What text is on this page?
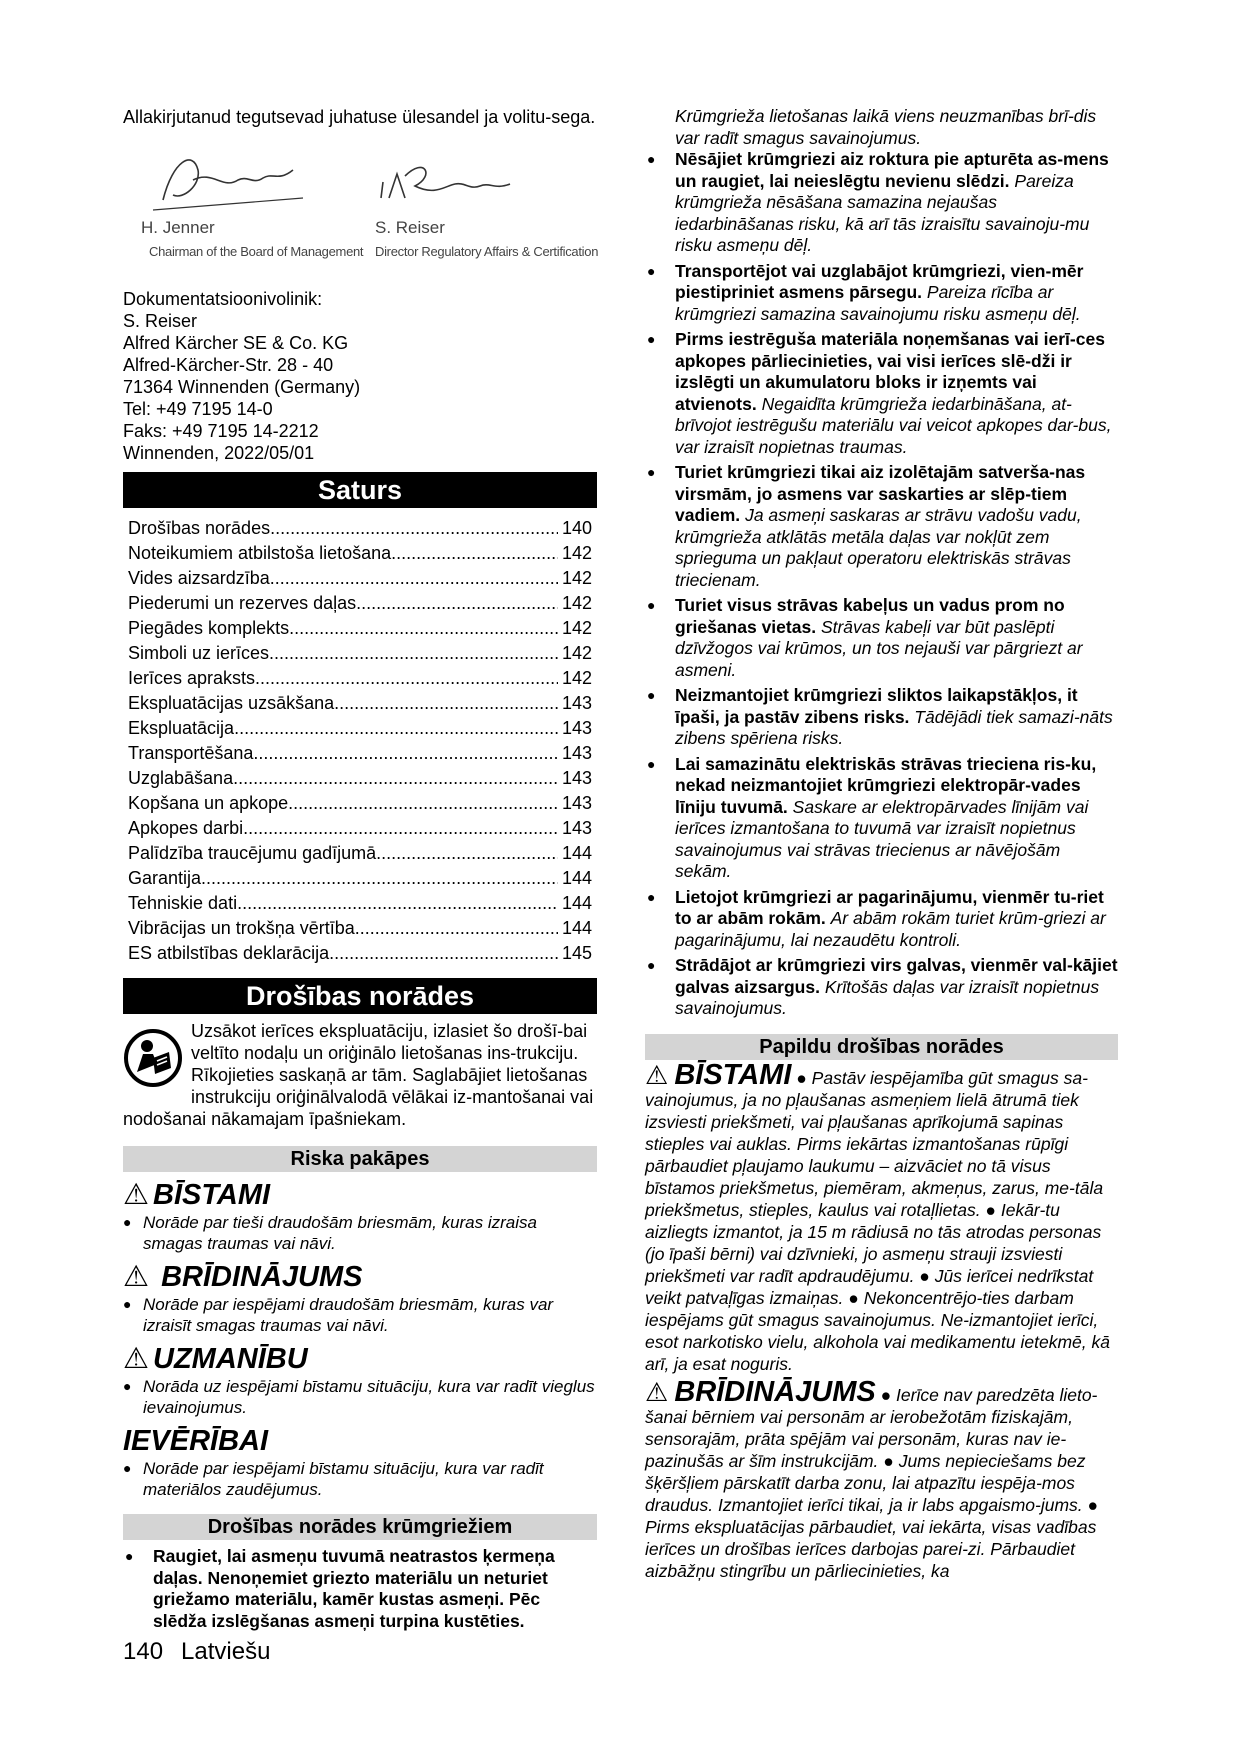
Allakirjutanud tegutsevad juhatuse ülesandel ja volitu-sega.

H. Jenner
Chairman of the Board of Management
S. Reiser
Director Regulatory Affairs & Certification
Dokumentatsioonivolinik:
S. Reiser
Alfred Kärcher SE & Co. KG
Alfred-Kärcher-Str. 28 - 40
71364 Winnenden (Germany)
Tel: +49 7195 14-0
Faks: +49 7195 14-2212
Winnenden, 2022/05/01
Saturs
Drošības norādes .....	140
Noteikumiem atbilstoša lietošana .....	142
Vides aizsardzība .....	142
Piederumi un rezerves daļas .....	142
Piegādes komplekts .....	142
Simboli uz ierīces .....	142
Ierīces apraksts .....	142
Ekspluatācijas uzsākšana .....	143
Ekspluatācija .....	143
Transportēšana .....	143
Uzglabāšana .....	143
Kopšana un apkope .....	143
Apkopes darbi .....	143
Palīdzība traucējumu gadījumā .....	144
Garantija .....	144
Tehniskie dati .....	144
Vibrācijas un trokšņa vērtība .....	144
ES atbilstības deklarācija .....	145
Drošības norādes
Uzsākot ierīces ekspluatāciju, izlasiet šo drošī-bai veltīto nodaļu un oriģinālo lietošanas ins-trukciju. Rīkojieties saskaņā ar tām. Saglabājiet lietošanas instrukciju oriģinālvalodā vēlākai iz-mantošanai vai nodošanai nākamajam īpašniekam.
Riska pakāpes
⚠ BĪSTAMI
● Norāde par tieši draudošām briesmām, kuras izraisa smagas traumas vai nāvi.
⚠ BRĪDINĀJUMS
● Norāde par iespējami draudošām briesmām, kuras var izraisīt smagas traumas vai nāvi.
⚠ UZMANĪBU
● Norāda uz iespējami bīstamu situāciju, kura var radīt vieglus ievainojumus.
IEVĒRĪBAI
● Norāde par iespējami bīstamu situāciju, kura var radīt materiālos zaudējumus.
Drošības norādes krūmgriežiem
● Raugiet, lai asmeņu tuvumā neatrastos ķermeņa daļas. Nenoņemiet griezto materiālu un neturiet griežamo materiālu, kamēr kustas asmeņi. Pēc slēdža izslēgšanas asmeņi turpina kustēties.
Krūmgrieža lietošanas laikā viens neuzmanības brī-dis var radīt smagus savainojumus.
● Nēsājiet krūmgriezi aiz roktura pie apturēta as-mens un raugiet, lai neieslēgtu nevienu slēdzi. Pareiza krūmgrieža nēsāšana samazina nejaušas iedarbināšanas risku, kā arī tās izraisītu savainoju-mu risku asmeņu dēļ.
● Transportējot vai uzglabājot krūmgriezi, vien-mēr piestipriniet asmens pārsegu. Pareiza rīcība ar krūmgriezi samazina savainojumu risku asmeņu dēļ.
● Pirms iestrēguša materiāla noņemšanas vai ierī-ces apkopes pārliecinieties, vai visi ierīces slē-dži ir izslēgti un akumulatoru bloks ir izņemts vai atvienots. Negaidīta krūmgrieža iedarbināšana, at-brīvojot iestrēgušu materiālu vai veicot apkopes dar-bus, var izraisīt nopietnas traumas.
● Turiet krūmgriezi tikai aiz izolētajām satverša-nas virsmām, jo asmens var saskarties ar slēp-tiem vadiem. Ja asmeņi saskaras ar strāvu vadošu vadu, krūmgrieža atklātās metāla daļas var nokļūt zem sprieguma un pakļaut operatoru elektriskās strāvas triecienam.
● Turiet visus strāvas kabeļus un vadus prom no griešanas vietas. Strāvas kabeļi var būt paslēpti dzīvžogos vai krūmos, un tos nejauši var pārgriezt ar asmeni.
● Neizmantojiet krūmgriezi sliktos laikapstākļos, it īpaši, ja pastāv zibens risks. Tādējādi tiek samazi-nāts zibens spēriena risks.
● Lai samazinātu elektriskās strāvas trieciena ris-ku, nekad neizmantojiet krūmgriezi elektropār-vades līniju tuvumā. Saskare ar elektropārvades līnijām vai ierīces izmantošana to tuvumā var izraisīt nopietnus savainojumus vai strāvas triecienus ar nāvējošām sekām.
● Lietojot krūmgriezi ar pagarinājumu, vienmēr tu-riet to ar abām rokām. Ar abām rokām turiet krūm-griezi ar pagarinājumu, lai nezaudētu kontroli.
● Strādājot ar krūmgriezi virs galvas, vienmēr val-kājiet galvas aizsargus. Krītošās daļas var izraisīt nopietnus savainojumus.
Papildu drošības norādes
⚠ BĪSTAMI ● Pastāv iespējamība gūt smagus sa-vainojumus, ja no pļaušanas asmeņiem lielā ātrumā tiek izsviesti priekšmeti, vai pļaušanas aprīkojumā sapinas stieples vai auklas. Pirms iekārtas izmantošanas rūpīgi pārbaudiet pļaujamo laukumu – aizvāciet no tā visus bīstamos priekšmetus, piemēram, akmeņus, zarus, me-tāla priekšmetus, stieples, kaulus vai rotaļlietas. ● Iekār-tu aizliegts izmantot, ja 15 m rādiusā no tās atrodas personas (jo īpaši bērni) vai dzīvnieki, jo asmeņu strauji izsviesti priekšmeti var radīt apdraudējumu. ● Jūs ierīcei nedrīkstat veikt patvaļīgas izmaiņas. ● Nekoncentrējo-ties darbam iespējams gūt smagus savainojumus. Ne-izmantojiet ierīci, esot narkotisko vielu, alkohola vai medikamentu ietekmē, kā arī, ja esat noguris.
⚠ BRĪDINĀJUMS ● Ierīce nav paredzēta lieto-šanai bērniem vai personām ar ierobežotām fiziskajām, sensorajām, prāta spējām vai personām, kuras nav ie-pazinušās ar šīm instrukcijām. ● Jums nepieciešams bez šķēršļiem pārskatīt darba zonu, lai atpazītu iespēja-mos draudus. Izmantojiet ierīci tikai, ja ir labs apgaismo-jums. ● Pirms ekspluatācijas pārbaudiet, vai iekārta, visas vadības ierīces un drošības ierīces darbojas parei-zi. Pārbaudiet aizbāžņu stingrību un pārliecinieties, ka
140 Latviešu
